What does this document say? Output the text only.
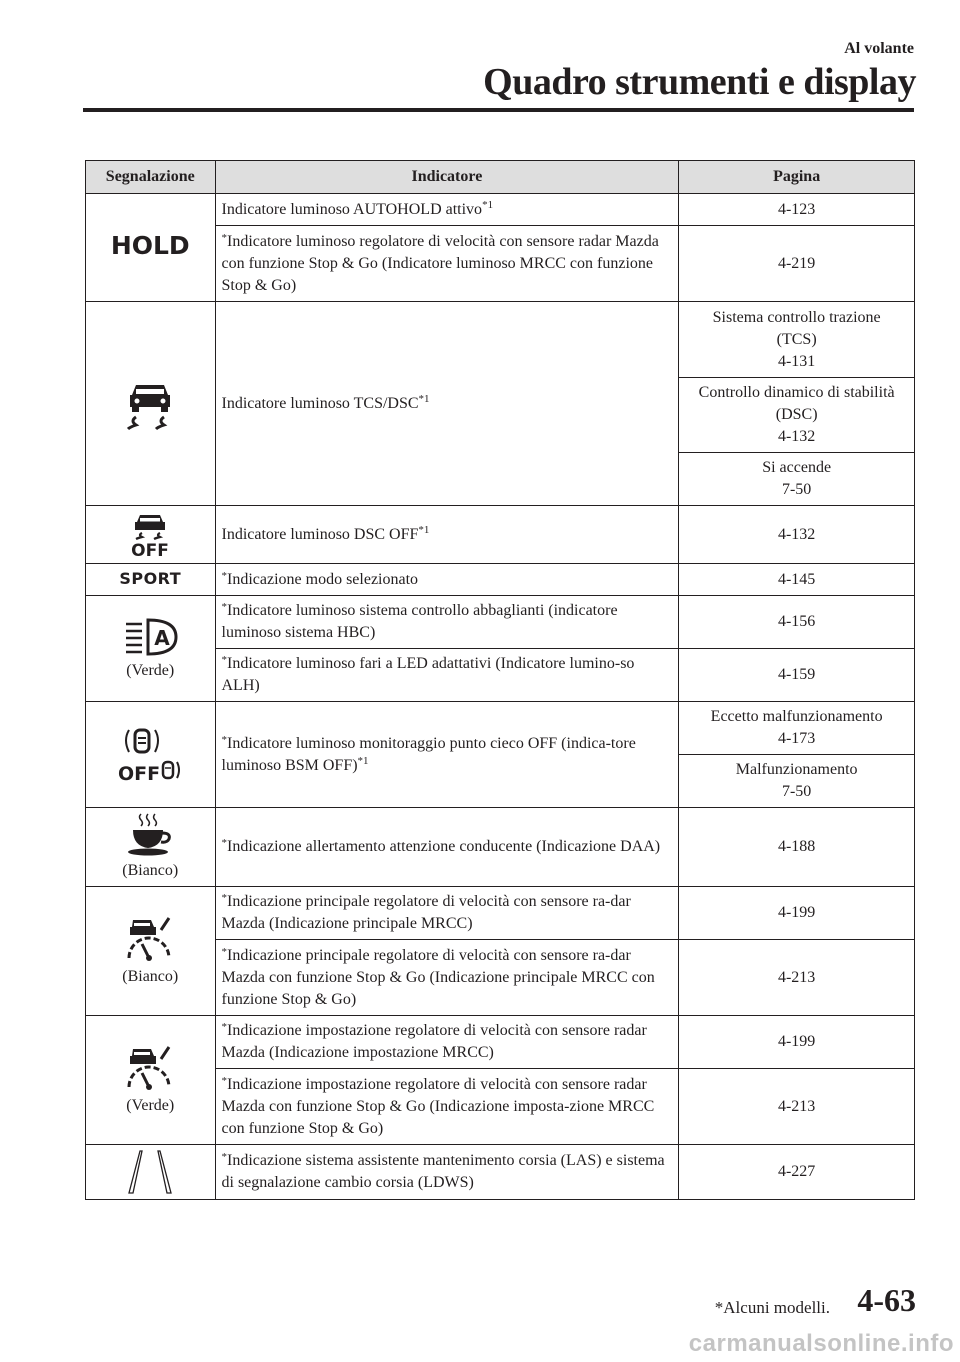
Al volante
Quadro strumenti e display
Segnalazione	Indicatore	Pagina
HOLD	Indicatore luminoso AUTOHOLD attivo$^{*1}$	4-123
	*Indicatore luminoso regolatore di velocità con sensore radar Mazda con funzione Stop & Go (Indicatore luminoso MRCC con funzione Stop & Go)	4-219

	Indicatore luminoso TCS/DSC$^{*1}$	Sistema controllo trazione
(TCS)
4-131

		Controllo dinamico di stabilità
(DSC)
4-132

		Si accende
7-50

OFF	Indicatore luminoso DSC OFF$^{*1}$	4-132
SPORT	*Indicazione modo selezionato	4-145

A
(Verde)	*Indicatore luminoso sistema controllo abbaglianti (indicatore luminoso sistema HBC)	4-156
	*Indicatore luminoso fari a LED adattativi (Indicatore lumino-so ALH)	4-159

OFF	*Indicatore luminoso monitoraggio punto cieco OFF (indica-tore luminoso BSM OFF)$^{*1}$	Eccetto malfunzionamento
4-173

		Malfunzionamento
7-50

(Bianco)	*Indicazione allertamento attenzione conducente (Indicazione DAA)	4-188

(Bianco)	*Indicazione principale regolatore di velocità con sensore ra-dar Mazda (Indicazione principale MRCC)	4-199
	*Indicazione principale regolatore di velocità con sensore ra-dar Mazda con funzione Stop & Go (Indicazione principale MRCC con funzione Stop & Go)	4-213

(Verde)	*Indicazione impostazione regolatore di velocità con sensore radar Mazda (Indicazione impostazione MRCC)	4-199
	*Indicazione impostazione regolatore di velocità con sensore radar Mazda con funzione Stop & Go (Indicazione imposta-zione MRCC con funzione Stop & Go)	4-213

	*Indicazione sistema assistente mantenimento corsia (LAS) e sistema di segnalazione cambio corsia (LDWS)	4-227
*Alcuni modelli. 4-63
carmanualsonline.info
